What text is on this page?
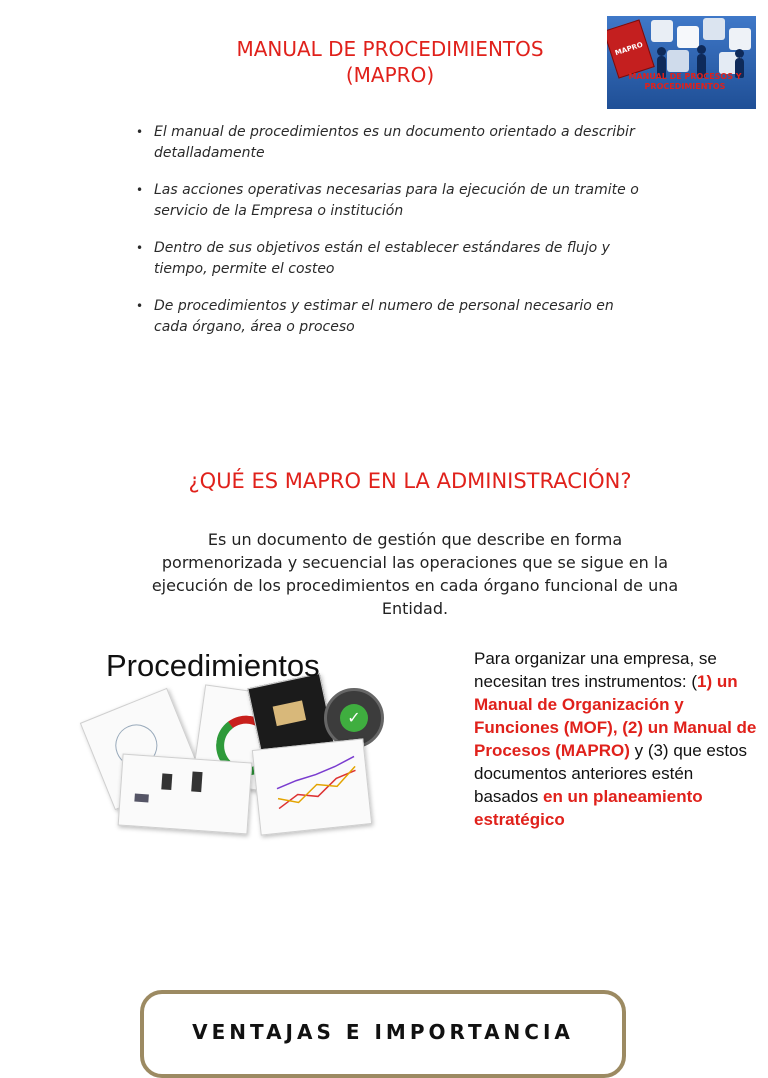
MANUAL DE PROCEDIMIENTOS
(MAPRO)
MAPRO
MANUAL DE PROCESOS Y PROCEDIMIENTOS
• El manual de procedimientos es un documento orientado a describir detalladamente
• Las acciones operativas necesarias para la ejecución de un tramite o servicio de la Empresa o institución
• Dentro de sus objetivos están el establecer estándares de flujo y tiempo, permite el costeo
• De procedimientos y estimar el numero de personal necesario en cada órgano, área o proceso
¿QUÉ ES MAPRO EN LA ADMINISTRACIÓN?
Es un documento de gestión que describe en forma pormenorizada y secuencial las operaciones que se sigue en la ejecución de los procedimientos en cada órgano funcional de una Entidad.
✓
Procedimientos	Para organizar una empresa, se necesitan tres instrumentos: (1) un Manual de Organización y Funciones (MOF), (2) un Manual de Procesos (MAPRO) y (3) que estos documentos anteriores estén basados en un planeamiento estratégico
VENTAJAS E IMPORTANCIA
